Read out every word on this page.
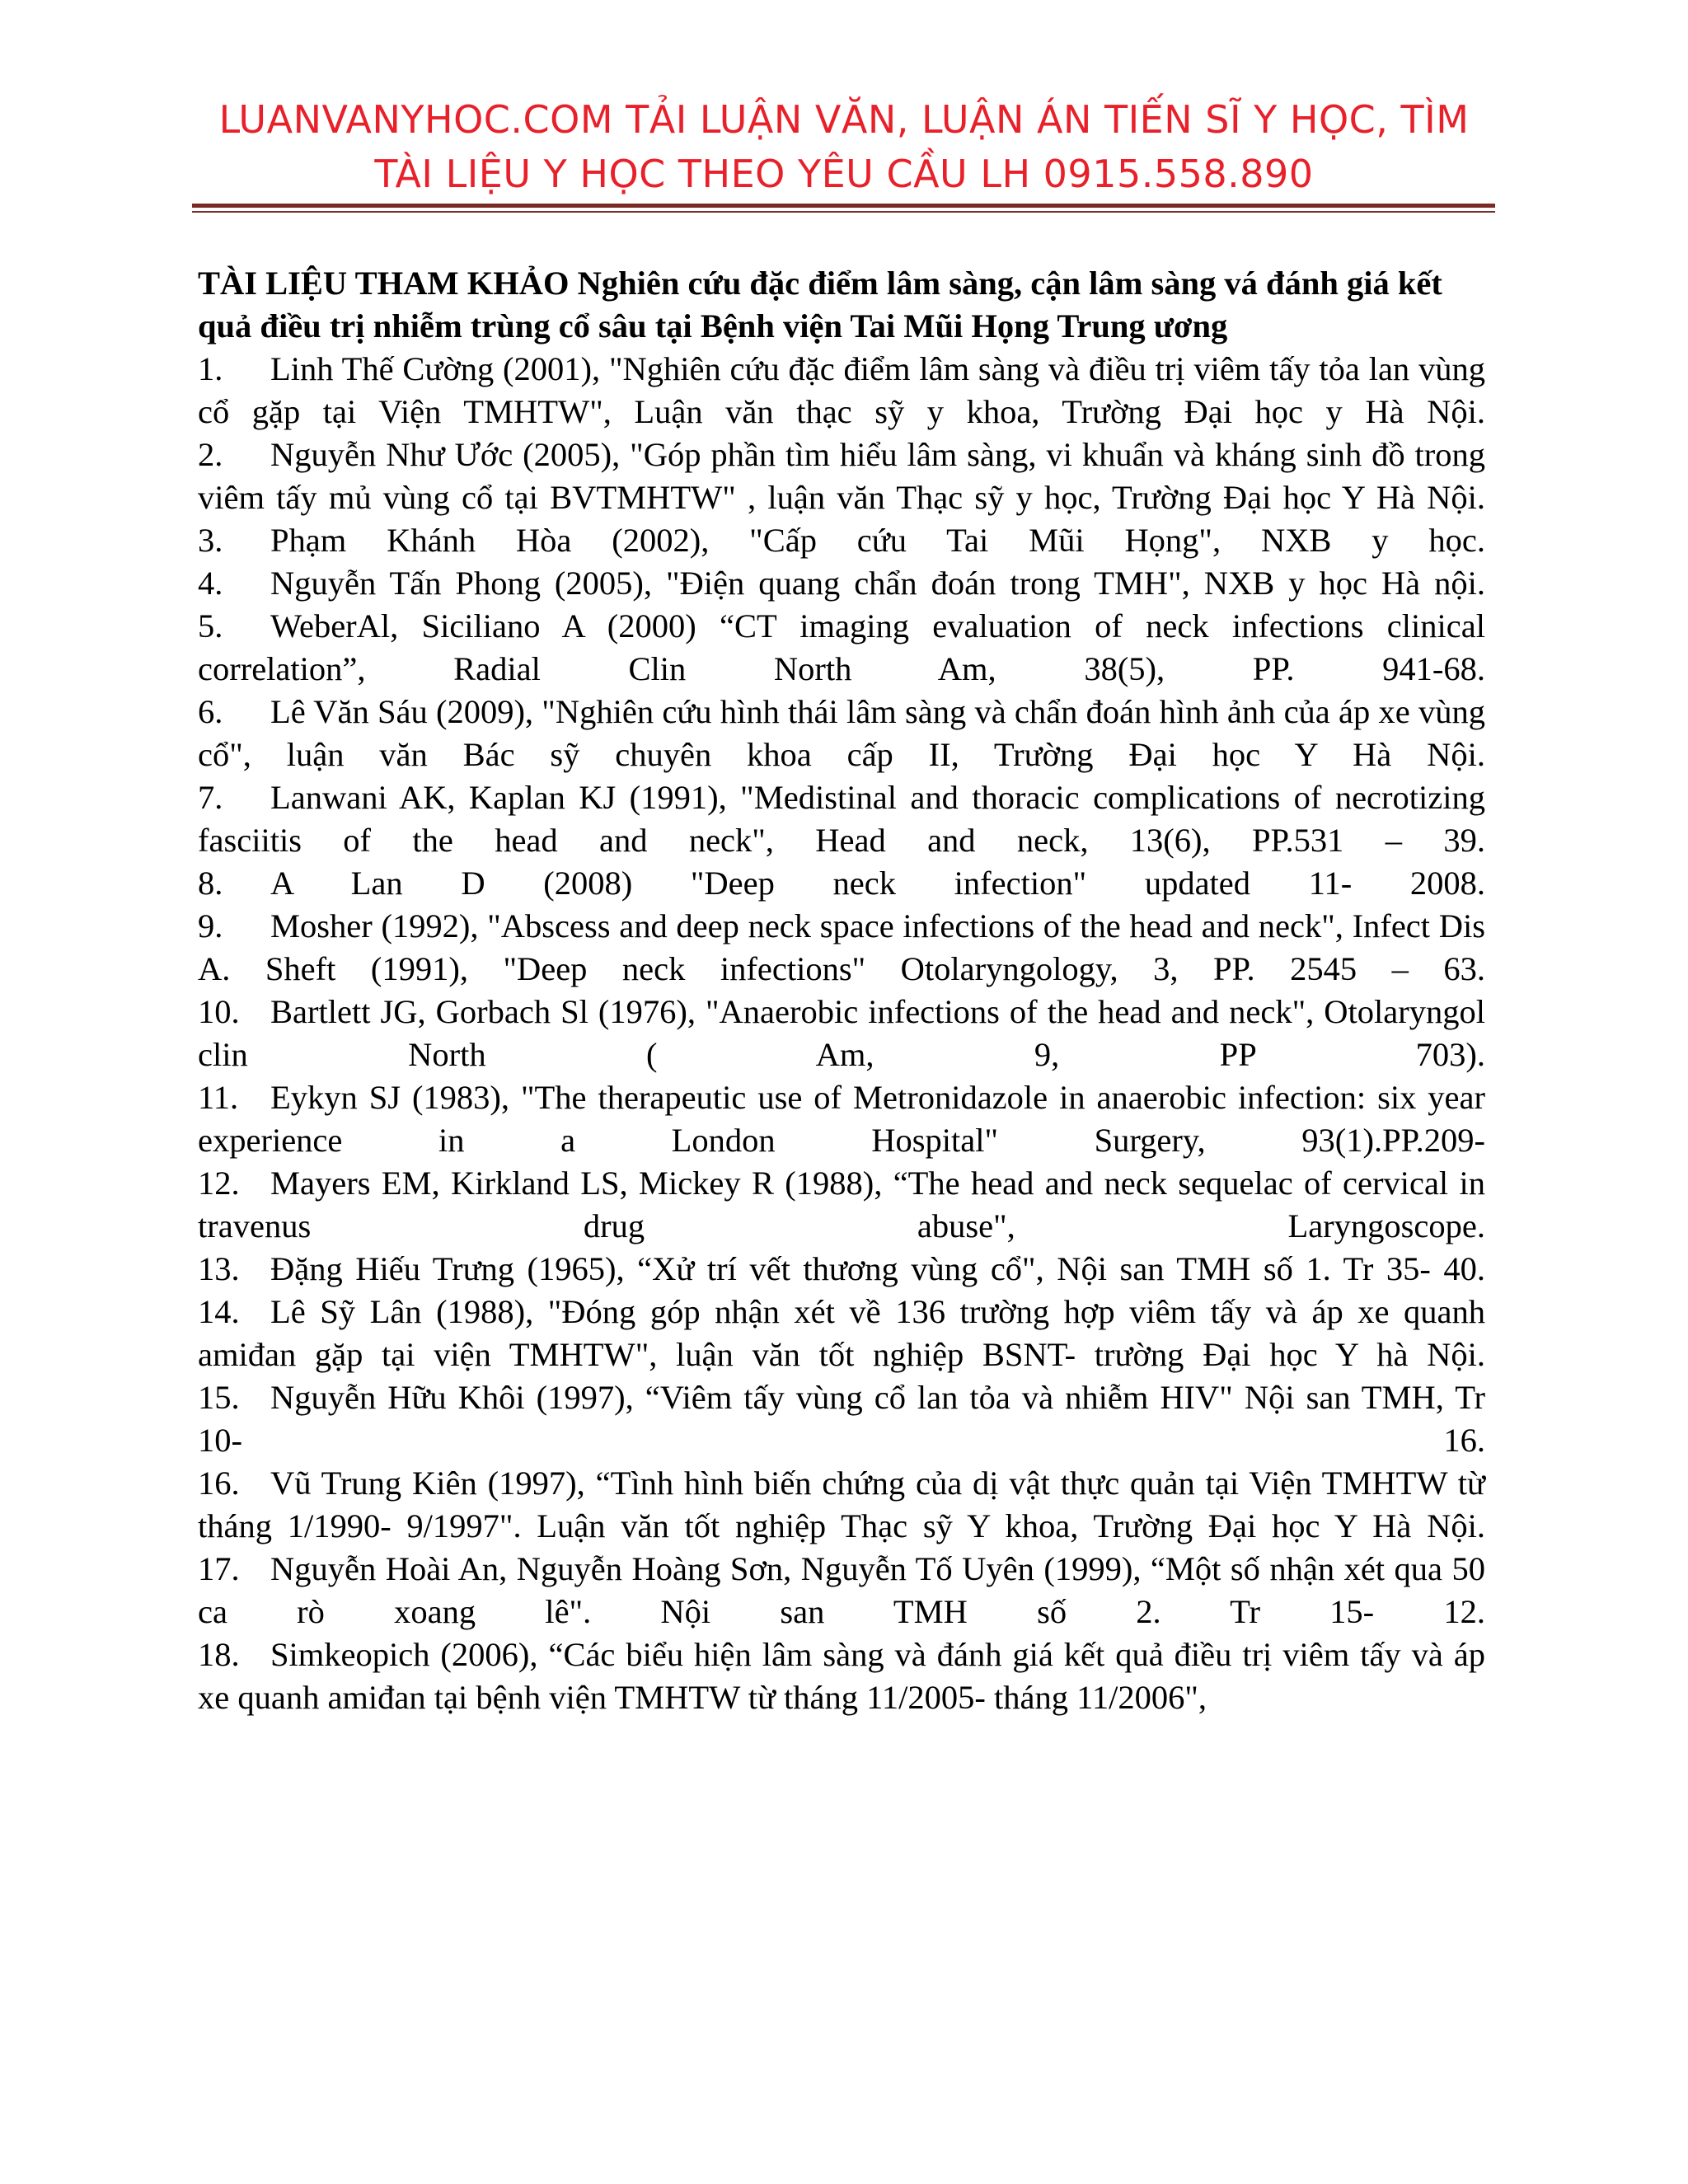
LUANVANYHOC.COM TẢI LUẬN VĂN, LUẬN ÁN TIẾN SĨ Y HỌC, TÌM
TÀI LIỆU Y HỌC THEO YÊU CẦU LH 0915.558.890
TÀI LIỆU THAM KHẢO Nghiên cứu đặc điểm lâm sàng, cận lâm sàng vá đánh giá kết quả điều trị nhiễm trùng cổ sâu tại Bệnh viện Tai Mũi Họng Trung ương
1. Linh Thế Cường (2001), "Nghiên cứu đặc điểm lâm sàng và điều trị viêm tấy tỏa lan vùng cổ gặp tại Viện TMHTW", Luận văn thạc sỹ y khoa, Trường Đại học y Hà Nội.
2. Nguyễn Như Ước (2005), "Góp phần tìm hiểu lâm sàng, vi khuẩn và kháng sinh đồ trong viêm tấy mủ vùng cổ tại BVTMHTW" , luận văn Thạc sỹ y học, Trường Đại học Y Hà Nội.
3. Phạm Khánh Hòa (2002), "Cấp cứu Tai Mũi Họng", NXB y học.
4. Nguyễn Tấn Phong (2005), "Điện quang chẩn đoán trong TMH", NXB y học Hà nội.
5. WeberAl, Siciliano A (2000) “CT imaging evaluation of neck infections clinical correlation”, Radial Clin North Am, 38(5), PP. 941-68.
6. Lê Văn Sáu (2009), "Nghiên cứu hình thái lâm sàng và chẩn đoán hình ảnh của áp xe vùng cổ", luận văn Bác sỹ chuyên khoa cấp II, Trường Đại học Y Hà Nội.
7. Lanwani AK, Kaplan KJ (1991), "Medistinal and thoracic complications of necrotizing fasciitis of the head and neck", Head and neck, 13(6), PP.531 – 39.
8. A Lan D (2008) "Deep neck infection" updated 11- 2008.
9. Mosher (1992), "Abscess and deep neck space infections of the head and neck", Infect Dis A. Sheft (1991), "Deep neck infections" Otolaryngology, 3, PP. 2545 – 63.
10. Bartlett JG, Gorbach Sl (1976), "Anaerobic infections of the head and neck", Otolaryngol clin North ( Am, 9, PP 703).
11. Eykyn SJ (1983), "The therapeutic use of Metronidazole in anaerobic infection: six year experience in a London Hospital" Surgery, 93(1).PP.209-
12. Mayers EM, Kirkland LS, Mickey R (1988), “The head and neck sequelac of cervical in travenus drug abuse", Laryngoscope.
13. Đặng Hiếu Trưng (1965), “Xử trí vết thương vùng cổ", Nội san TMH số 1. Tr 35- 40.
14. Lê Sỹ Lân (1988), "Đóng góp nhận xét về 136 trường hợp viêm tấy và áp xe quanh amiđan gặp tại viện TMHTW", luận văn tốt nghiệp BSNT- trường Đại học Y hà Nội.
15. Nguyễn Hữu Khôi (1997), “Viêm tấy vùng cổ lan tỏa và nhiễm HIV" Nội san TMH, Tr 10- 16.
16. Vũ Trung Kiên (1997), “Tình hình biến chứng của dị vật thực quản tại Viện TMHTW từ tháng 1/1990- 9/1997". Luận văn tốt nghiệp Thạc sỹ Y khoa, Trường Đại học Y Hà Nội.
17. Nguyễn Hoài An, Nguyễn Hoàng Sơn, Nguyễn Tố Uyên (1999), “Một số nhận xét qua 50 ca rò xoang lê". Nội san TMH số 2. Tr 15- 12.
18. Simkeopich (2006), “Các biểu hiện lâm sàng và đánh giá kết quả điều trị viêm tấy và áp xe quanh amiđan tại bệnh viện TMHTW từ tháng 11/2005- tháng 11/2006",
